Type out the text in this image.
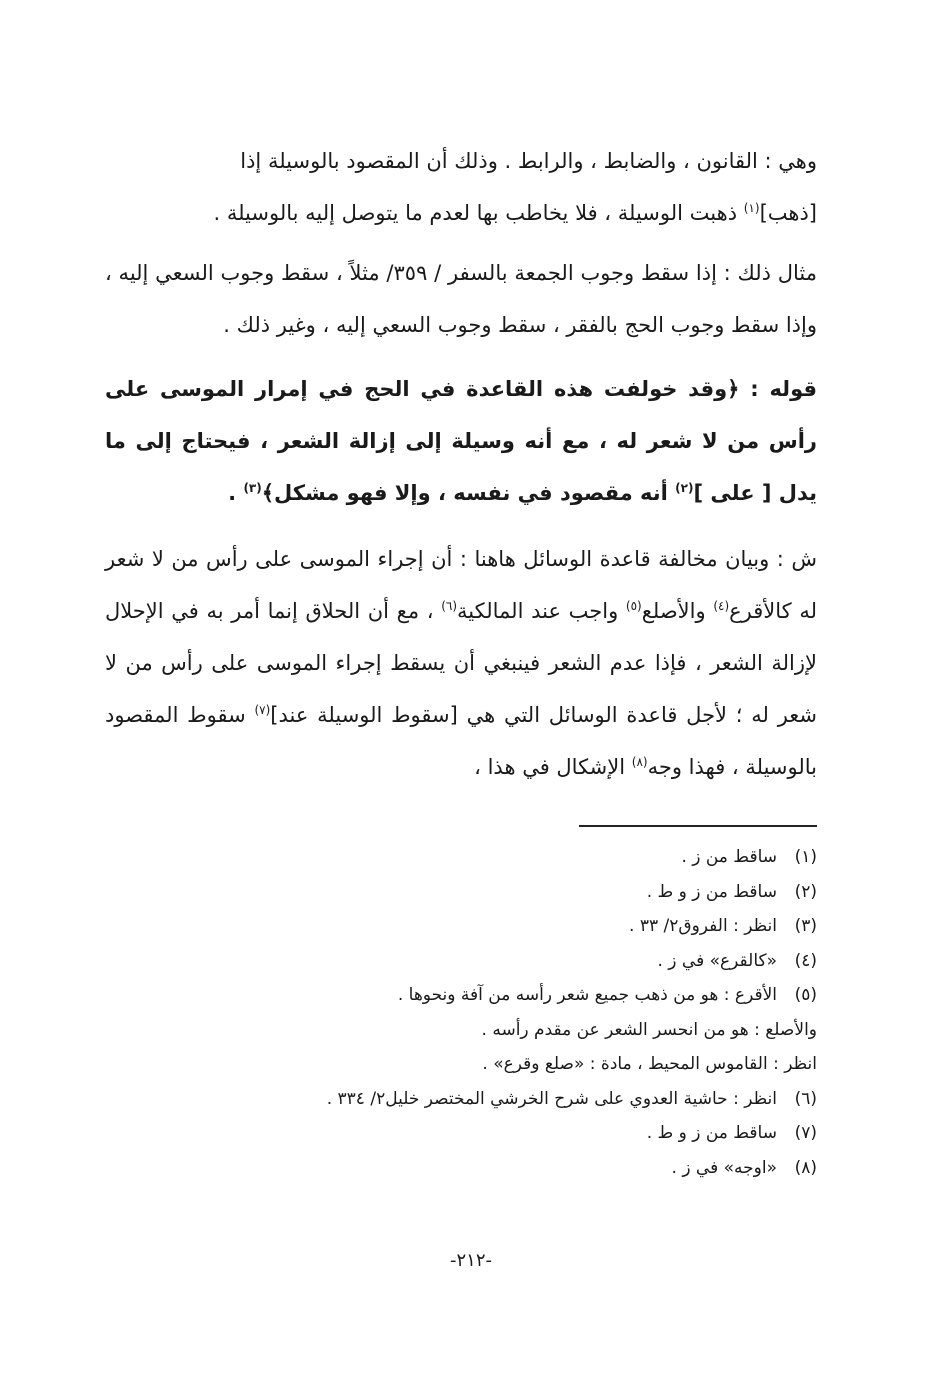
وهي : القانون ، والضابط ، والرابط . وذلك أن المقصود بالوسيلة إذا
[ذهب]$^{(١)}$ ذهبت الوسيلة ، فلا يخاطب بها لعدم ما يتوصل إليه بالوسيلة .

مثال ذلك : إذا سقط وجوب الجمعة بالسفر / ٣٥٩/ مثلاً ، سقط وجوب السعي إليه ، وإذا سقط وجوب الحج بالفقر ، سقط وجوب السعي إليه ، وغير ذلك .

قوله : ﴿وقد خولفت هذه القاعدة في الحج في إمرار الموسى على رأس من لا شعر له ، مع أنه وسيلة إلى إزالة الشعر ، فيحتاج إلى ما يدل [ على ]$^{(٢)}$ أنه مقصود في نفسه ، وإلا فهو مشكل﴾$^{(٣)}$ .

ش : وبيان مخالفة قاعدة الوسائل هاهنا : أن إجراء الموسى على رأس من لا شعر له كالأقرع$^{(٤)}$ والأصلع$^{(٥)}$ واجب عند المالكية$^{(٦)}$ ، مع أن الحلاق إنما أمر به في الإحلال لإزالة الشعر ، فإذا عدم الشعر فينبغي أن يسقط إجراء الموسى على رأس من لا شعر له ؛ لأجل قاعدة الوسائل التي هي [سقوط الوسيلة عند]$^{(٧)}$ سقوط المقصود بالوسيلة ، فهذا وجه$^{(٨)}$ الإشكال في هذا ،

(١)ساقط من ز .
(٢)ساقط من ز و ط .
(٣)انظر : الفروق٢/ ٣٣ .
(٤)«كالقرع» في ز .
(٥)الأقرع : هو من ذهب جميع شعر رأسه من آفة ونحوها .
والأصلع : هو من انحسر الشعر عن مقدم رأسه .
انظر : القاموس المحيط ، مادة : «صلع وقرع» .
(٦)انظر : حاشية العدوي على شرح الخرشي المختصر خليل٢/ ٣٣٤ .
(٧)ساقط من ز و ط .
(٨)«اوجه» في ز .
-٢١٢-
